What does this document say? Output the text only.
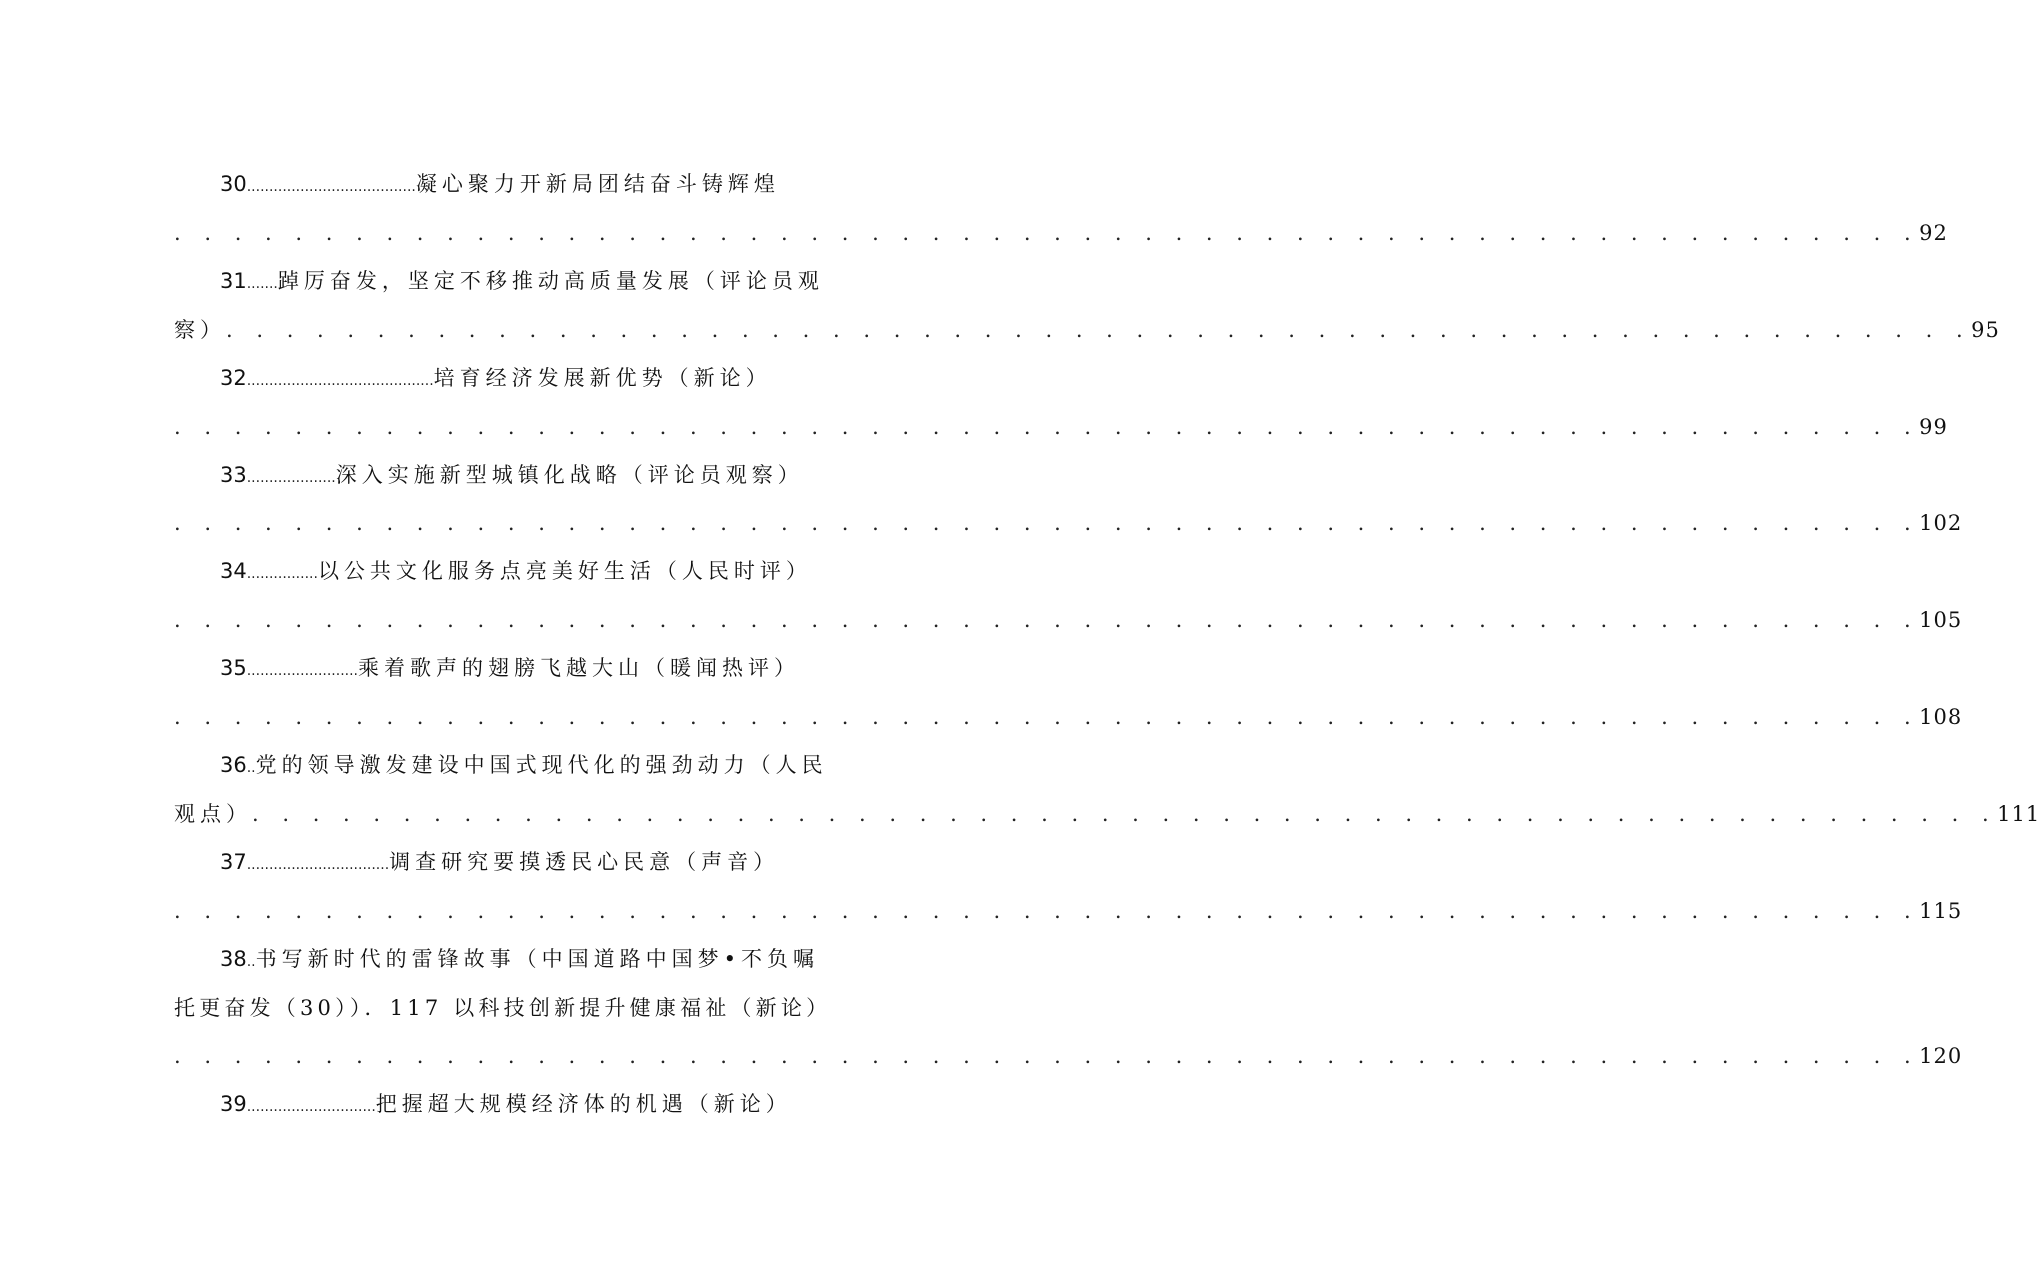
30......................................凝心聚力开新局团结奋斗铸辉煌
. . . . . . . . . . . . . . . . . . . . . . . . . . . . . . . . . . . . . . . . . . . . . . . . . . . . . . . . . . 92
31.......踔厉奋发，坚定不移推动高质量发展（评论员观
察） . . . . . . . . . . . . . . . . . . . . . . . . . . . . . . . . . . . . . . . . . . . . . . . . . . . . . . . . . . 95
32..........................................培育经济发展新优势（新论）
. . . . . . . . . . . . . . . . . . . . . . . . . . . . . . . . . . . . . . . . . . . . . . . . . . . . . . . . . . 99
33....................深入实施新型城镇化战略（评论员观察）
. . . . . . . . . . . . . . . . . . . . . . . . . . . . . . . . . . . . . . . . . . . . . . . . . . . . . . . . . . 102
34................以公共文化服务点亮美好生活（人民时评）
. . . . . . . . . . . . . . . . . . . . . . . . . . . . . . . . . . . . . . . . . . . . . . . . . . . . . . . . . . 105
35.........................乘着歌声的翅膀飞越大山（暖闻热评）
. . . . . . . . . . . . . . . . . . . . . . . . . . . . . . . . . . . . . . . . . . . . . . . . . . . . . . . . . . 108
36..党的领导激发建设中国式现代化的强劲动力（人民
观点） . . . . . . . . . . . . . . . . . . . . . . . . . . . . . . . . . . . . . . . . . . . . . . . . . . . . . . . . . . 111
37................................调查研究要摸透民心民意（声音）
. . . . . . . . . . . . . . . . . . . . . . . . . . . . . . . . . . . . . . . . . . . . . . . . . . . . . . . . . . 115
38..书写新时代的雷锋故事（中国道路中国梦•不负嘱
托更奋发（30））．117 以科技创新提升健康福祉（新论）
. . . . . . . . . . . . . . . . . . . . . . . . . . . . . . . . . . . . . . . . . . . . . . . . . . . . . . . . . . 120
39.............................把握超大规模经济体的机遇（新论）
